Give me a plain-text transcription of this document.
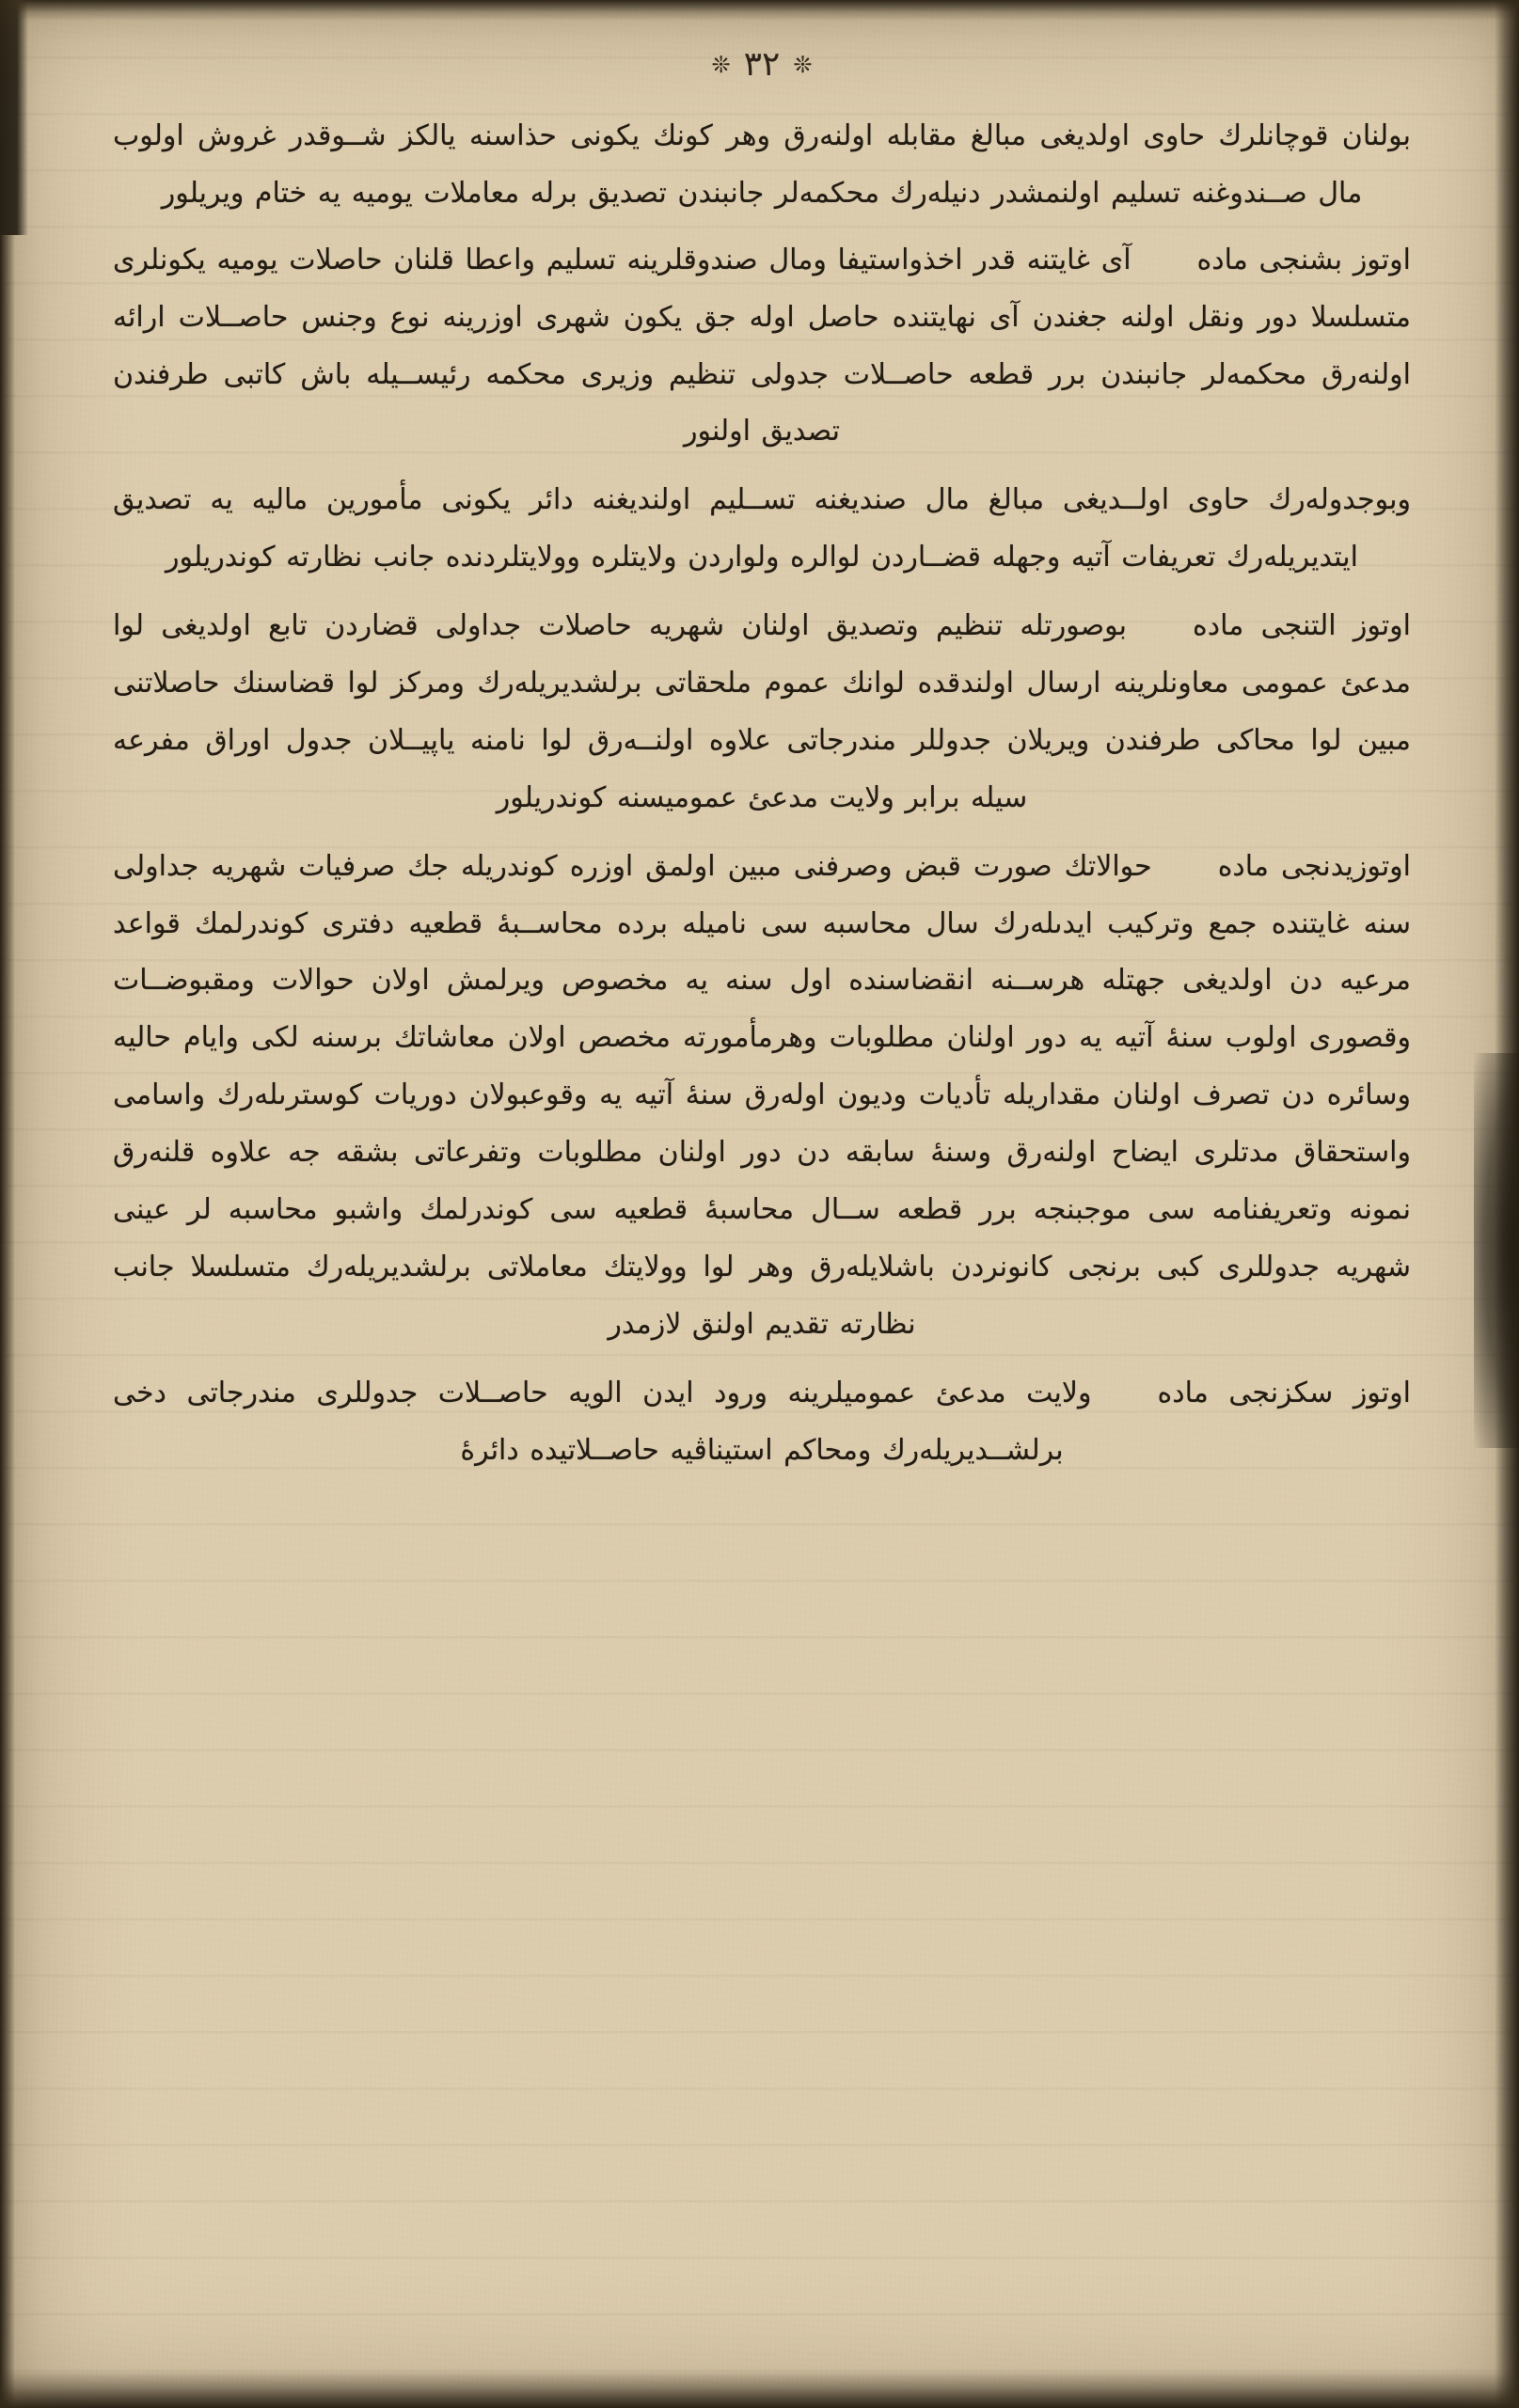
❊٣٢❊

بولنان قوچانلرك حاوى اولديغى مبالغ مقابله اولنەرق وهر كونك يكونى حذاسنه يالكز شــوقدر غروش اولوب مال صــندوغنه تسليم اولنمشدر دنيلەرك محكمەلر جانبندن تصديق برله معاملات يوميه يه ختام ويريلور

اوتوز بشنجى مادهآى غايتنه قدر اخذواستيفا ومال صندوقلرينه تسليم واعطا قلنان حاصلات يوميه يكونلرى متسلسلا دور ونقل اولنه جغندن آى نهايتنده حاصل اوله جق يكون شهرى اوزرينه نوع وجنس حاصــلات ارائه اولنەرق محكمەلر جانبندن برر قطعه حاصــلات جدولى تنظيم وزيرى محكمه رئيســيله باش كاتبى طرفندن تصديق اولنور

وبوجدولەرك حاوى اولــديغى مبالغ مال صنديغنه تســليم اولنديغنه دائر يكونى مأمورين ماليه يه تصديق ايتديريلەرك تعريفات آتيه وجهله قضــاردن لوالره ولواردن ولايتلره وولايتلردنده جانب نظارته كوندريلور

اوتوز التنجى مادهبوصورتله تنظيم وتصديق اولنان شهريه حاصلات جداولى قضاردن تابع اولديغى لوا مدعئ عمومى معاونلرينه ارسال اولندقده لوانك عموم ملحقاتى برلشديريلەرك ومركز لوا قضاسنك حاصلاتنى مبين لوا محاكى طرفندن ويريلان جدوللر مندرجاتى علاوه اولنــەرق لوا نامنه ياپيــلان جدول اوراق مفرعه سيله برابر ولايت مدعئ عموميسنه كوندريلور

اوتوزيدنجى مادهحوالاتك صورت قبض وصرفنى مبين اولمق اوزره كوندريله جك صرفيات شهريه جداولى سنه غايتنده جمع وتركيب ايدىلەرك سال محاسبه سى ناميله برده محاســبهٔ قطعيه دفترى كوندرلمك قواعد مرعيه دن اولديغى جهتله هرســنه انقضاسنده اول سنه يه مخصوص ويرلمش اولان حوالات ومقبوضــات وقصورى اولوب سنهٔ آتيه يه دور اولنان مطلوبات وهرمأمورته مخصص اولان معاشاتك برسنه لكى وايام حاليه وسائره دن تصرف اولنان مقداريله تأديات وديون اولەرق سنهٔ آتيه يه وقوعبولان دوريات كوسترىلەرك واسامى واستحقاق مدتلرى ايضاح اولنەرق وسنهٔ سابقه دن دور اولنان مطلوبات وتفرعاتى بشقه جه علاوه قلنەرق نمونه وتعريفنامه سى موجبنجه برر قطعه ســال محاسبهٔ قطعيه سى كوندرلمك واشبو محاسبه لر عينى شهريه جدوللرى كبى برنجى كانونردن باشلايلەرق وهر لوا وولايتك معاملاتى برلشديريلەرك متسلسلا جانب نظارته تقديم اولنق لازمدر

اوتوز سكزنجى مادهولايت مدعئ عموميلرينه ورود ايدن الويه حاصــلات جدوللرى مندرجاتى دخى برلشــديريلەرك ومحاكم استيناڤيه حاصــلاتيده دائرهٔ
